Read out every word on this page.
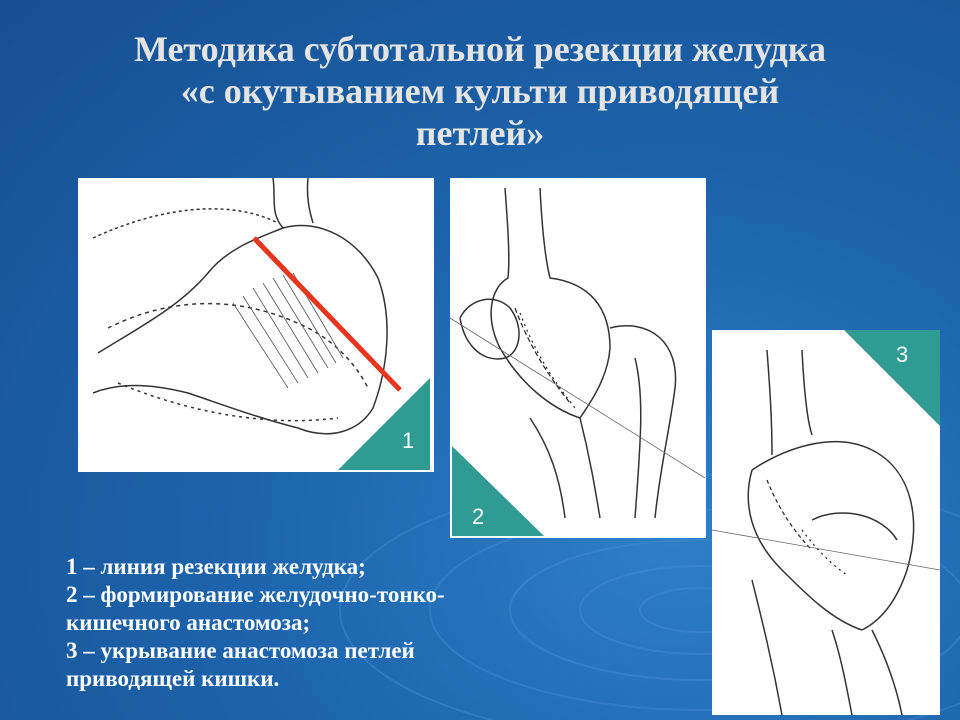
Методика субтотальной резекции желудка
«с окутыванием культи приводящей
петлей»
1
2
3
1 – линия резекции желудка;
2 – формирование желудочно-тонко-
кишечного анастомоза;
3 – укрывание анастомоза петлей
приводящей кишки.
